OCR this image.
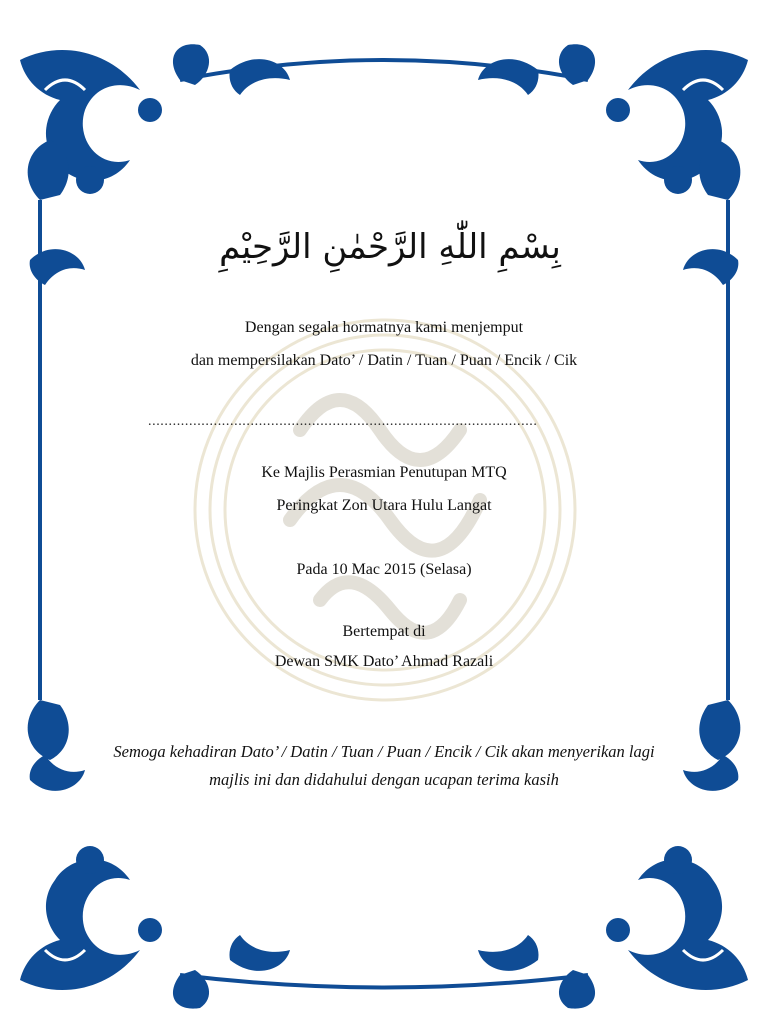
بِسْمِ اللّٰهِ الرَّحْمٰنِ الرَّحِيْمِ
Dengan segala hormatnya kami menjemput
dan mempersilakan Dato’ / Datin / Tuan / Puan / Encik / Cik
...............................................................................................
Ke Majlis Perasmian Penutupan MTQ
Peringkat Zon Utara Hulu Langat
Pada 10 Mac 2015 (Selasa)
Bertempat di
Dewan SMK Dato’ Ahmad Razali
Semoga kehadiran Dato’ / Datin / Tuan / Puan / Encik / Cik akan menyerikan lagi
majlis ini dan didahului dengan ucapan terima kasih
